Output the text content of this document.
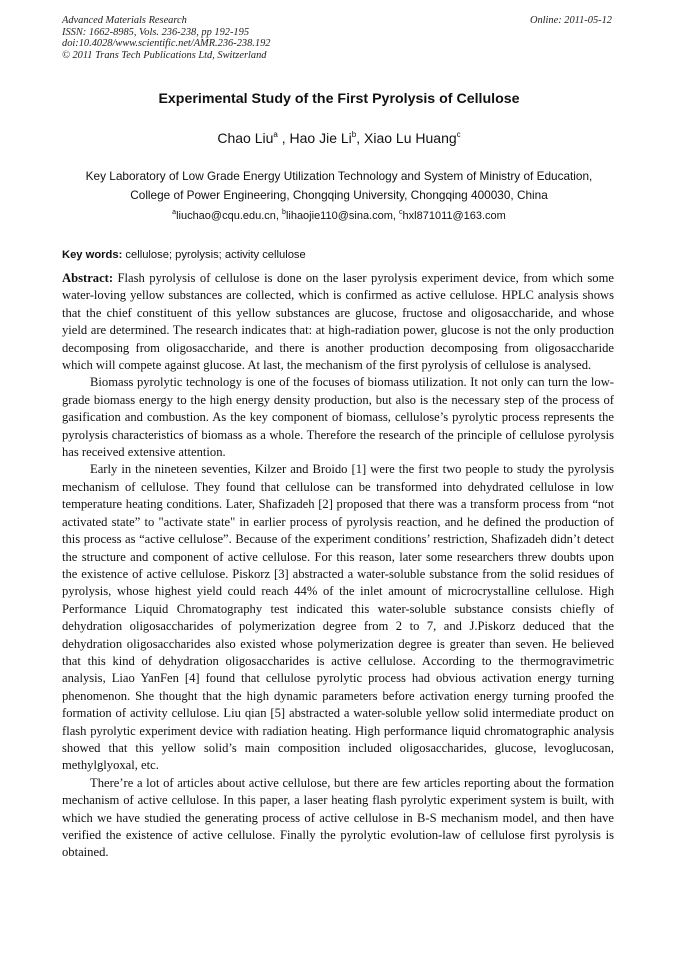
Advanced Materials Research
ISSN: 1662-8985, Vols. 236-238, pp 192-195
doi:10.4028/www.scientific.net/AMR.236-238.192
© 2011 Trans Tech Publications Ltd, Switzerland
Online: 2011-05-12
Experimental Study of the First Pyrolysis of Cellulose
Chao Liu$^a$ , Hao Jie Li$^b$, Xiao Lu Huang$^c$
Key Laboratory of Low Grade Energy Utilization Technology and System of Ministry of Education,
College of Power Engineering, Chongqing University, Chongqing 400030, China
$^a$liuchao@cqu.edu.cn, $^b$lihaojie110@sina.com, $^c$hxl871011@163.com
Key words: cellulose; pyrolysis; activity cellulose

Abstract: Flash pyrolysis of cellulose is done on the laser pyrolysis experiment device, from which some water-loving yellow substances are collected, which is confirmed as active cellulose. HPLC analysis shows that the chief constituent of this yellow substances are glucose, fructose and oligosaccharide, and whose yield are determined. The research indicates that: at high-radiation power, glucose is not the only production decomposing from oligosaccharide, and there is another production decomposing from oligosaccharide which will compete against glucose. At last, the mechanism of the first pyrolysis of cellulose is analysed.

Biomass pyrolytic technology is one of the focuses of biomass utilization. It not only can turn the low-grade biomass energy to the high energy density production, but also is the necessary step of the process of gasification and combustion. As the key component of biomass, cellulose’s pyrolytic process represents the pyrolysis characteristics of biomass as a whole. Therefore the research of the principle of cellulose pyrolysis has received extensive attention.

Early in the nineteen seventies, Kilzer and Broido [1] were the first two people to study the pyrolysis mechanism of cellulose. They found that cellulose can be transformed into dehydrated cellulose in low temperature heating conditions. Later, Shafizadeh [2] proposed that there was a transform process from “not activated state” to "activate state" in earlier process of pyrolysis reaction, and he defined the production of this process as “active cellulose”. Because of the experiment conditions’ restriction, Shafizadeh didn’t detect the structure and component of active cellulose. For this reason, later some researchers threw doubts upon the existence of active cellulose. Piskorz [3] abstracted a water-soluble substance from the solid residues of pyrolysis, whose highest yield could reach 44% of the inlet amount of microcrystalline cellulose. High Performance Liquid Chromatography test indicated this water-soluble substance consists chiefly of dehydration oligosaccharides of polymerization degree from 2 to 7, and J.Piskorz deduced that the dehydration oligosaccharides also existed whose polymerization degree is greater than seven. He believed that this kind of dehydration oligosaccharides is active cellulose. According to the thermogravimetric analysis, Liao YanFen [4] found that cellulose pyrolytic process had obvious activation energy turning phenomenon. She thought that the high dynamic parameters before activation energy turning proofed the formation of activity cellulose. Liu qian [5] abstracted a water-soluble yellow solid intermediate product on flash pyrolytic experiment device with radiation heating. High performance liquid chromatographic analysis showed that this yellow solid’s main composition included oligosaccharides, glucose, levoglucosan, methylglyoxal, etc.

There’re a lot of articles about active cellulose, but there are few articles reporting about the formation mechanism of active cellulose. In this paper, a laser heating flash pyrolytic experiment system is built, with which we have studied the generating process of active cellulose in B-S mechanism model, and then have verified the existence of active cellulose. Finally the pyrolytic evolution-law of cellulose first pyrolysis is obtained.
